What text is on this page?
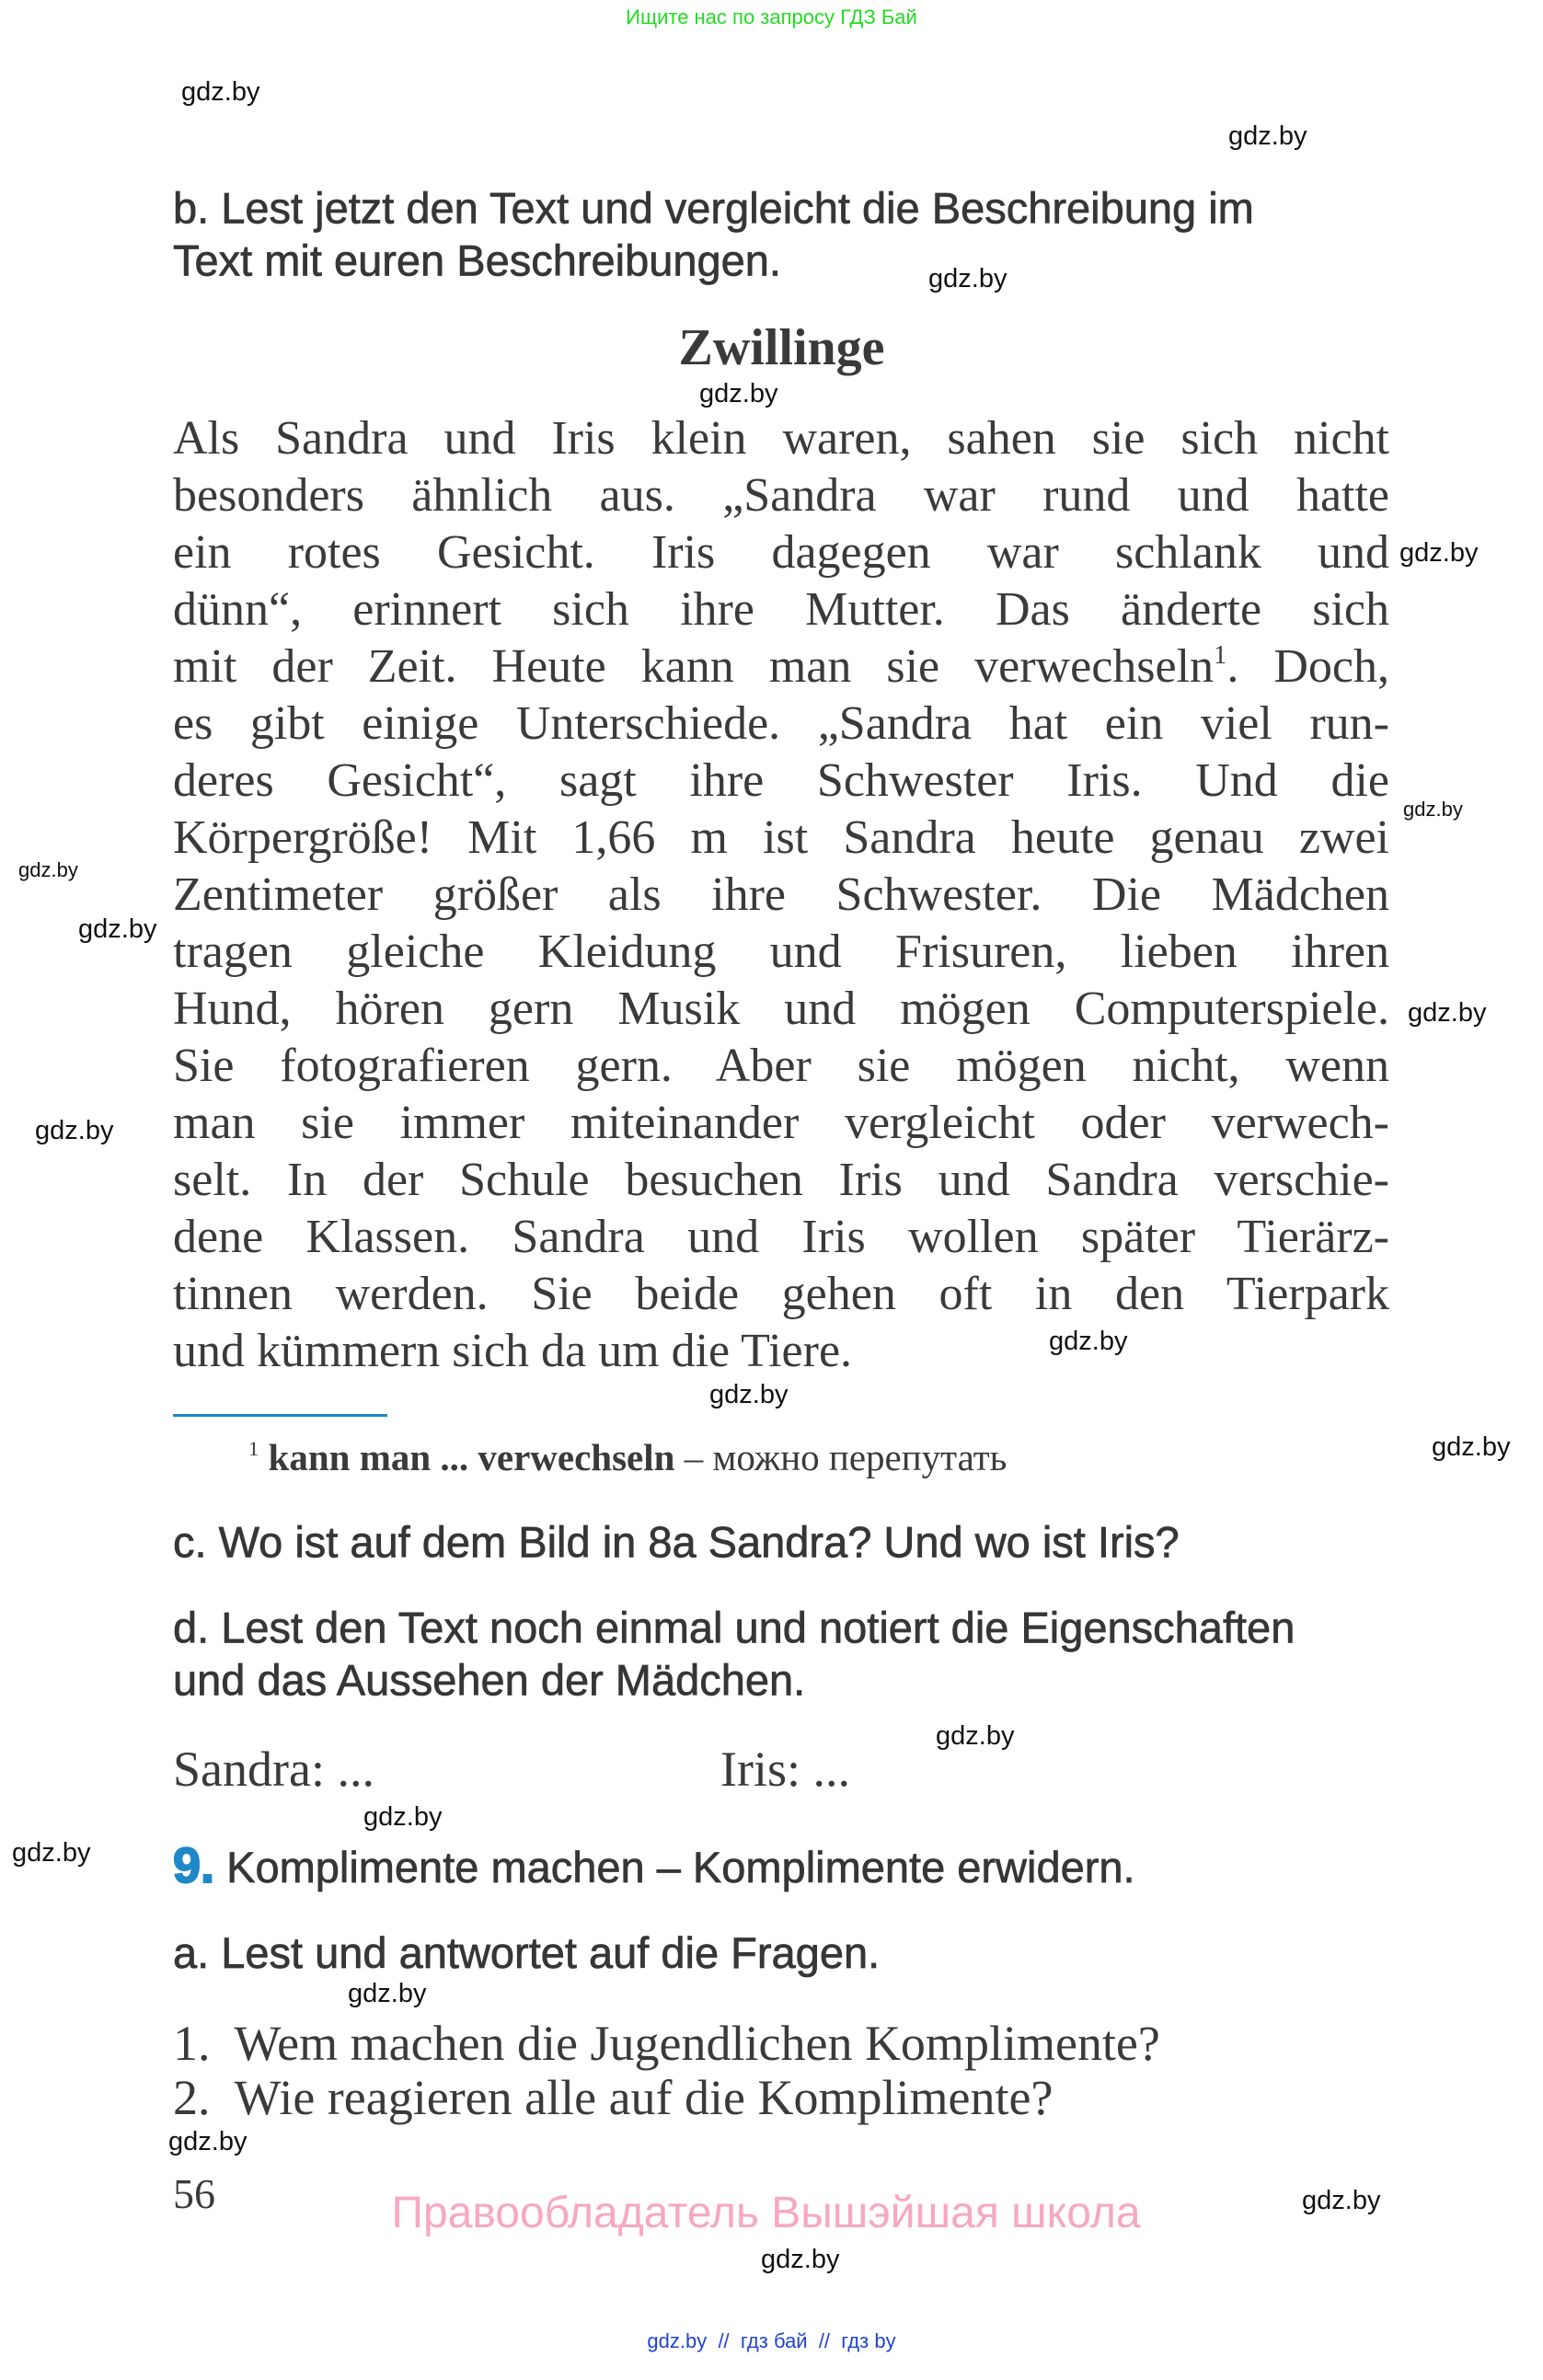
Ищите нас по запросу ГДЗ Бай
gdz.by
gdz.by
gdz.by
gdz.by
gdz.by
gdz.by
gdz.by
gdz.by
gdz.by
gdz.by
gdz.by
gdz.by
gdz.by
gdz.by
gdz.by
gdz.by
gdz.by
gdz.by
gdz.by
gdz.by
b. Lest jetzt den Text und vergleicht die Beschreibung im
Text mit euren Beschreibungen.
Zwillinge
Als Sandra und Iris klein waren, sahen sie sich nicht
besonders ähnlich aus. „Sandra war rund und hatte
ein rotes Gesicht. Iris dagegen war schlank und
dünn“, erinnert sich ihre Mutter. Das änderte sich
mit der Zeit. Heute kann man sie verwechseln$^1$. Doch,
es gibt einige Unterschiede. „Sandra hat ein viel run-
deres Gesicht“, sagt ihre Schwester Iris. Und die
Körpergröße! Mit 1,66 m ist Sandra heute genau zwei
Zentimeter größer als ihre Schwester. Die Mädchen
tragen gleiche Kleidung und Frisuren, lieben ihren
Hund, hören gern Musik und mögen Computerspiele.
Sie fotografieren gern. Aber sie mögen nicht, wenn
man sie immer miteinander vergleicht oder verwech-
selt. In der Schule besuchen Iris und Sandra verschie-
dene Klassen. Sandra und Iris wollen später Tierärz-
tinnen werden. Sie beide gehen oft in den Tierpark
und kümmern sich da um die Tiere.
$^1$ kann man ... verwechseln – можно перепутать
c. Wo ist auf dem Bild in 8a Sandra? Und wo ist Iris?
d. Lest den Text noch einmal und notiert die Eigenschaften
und das Aussehen der Mädchen.
Sandra: ...	Iris: ...
9. Komplimente machen – Komplimente erwidern.
a. Lest und antwortet auf die Fragen.
1.  Wem machen die Jugendlichen Komplimente?
2.  Wie reagieren alle auf die Komplimente?
56	Правообладатель Вышэйшая школа
gdz.by  //  гдз бай  //  гдз by
